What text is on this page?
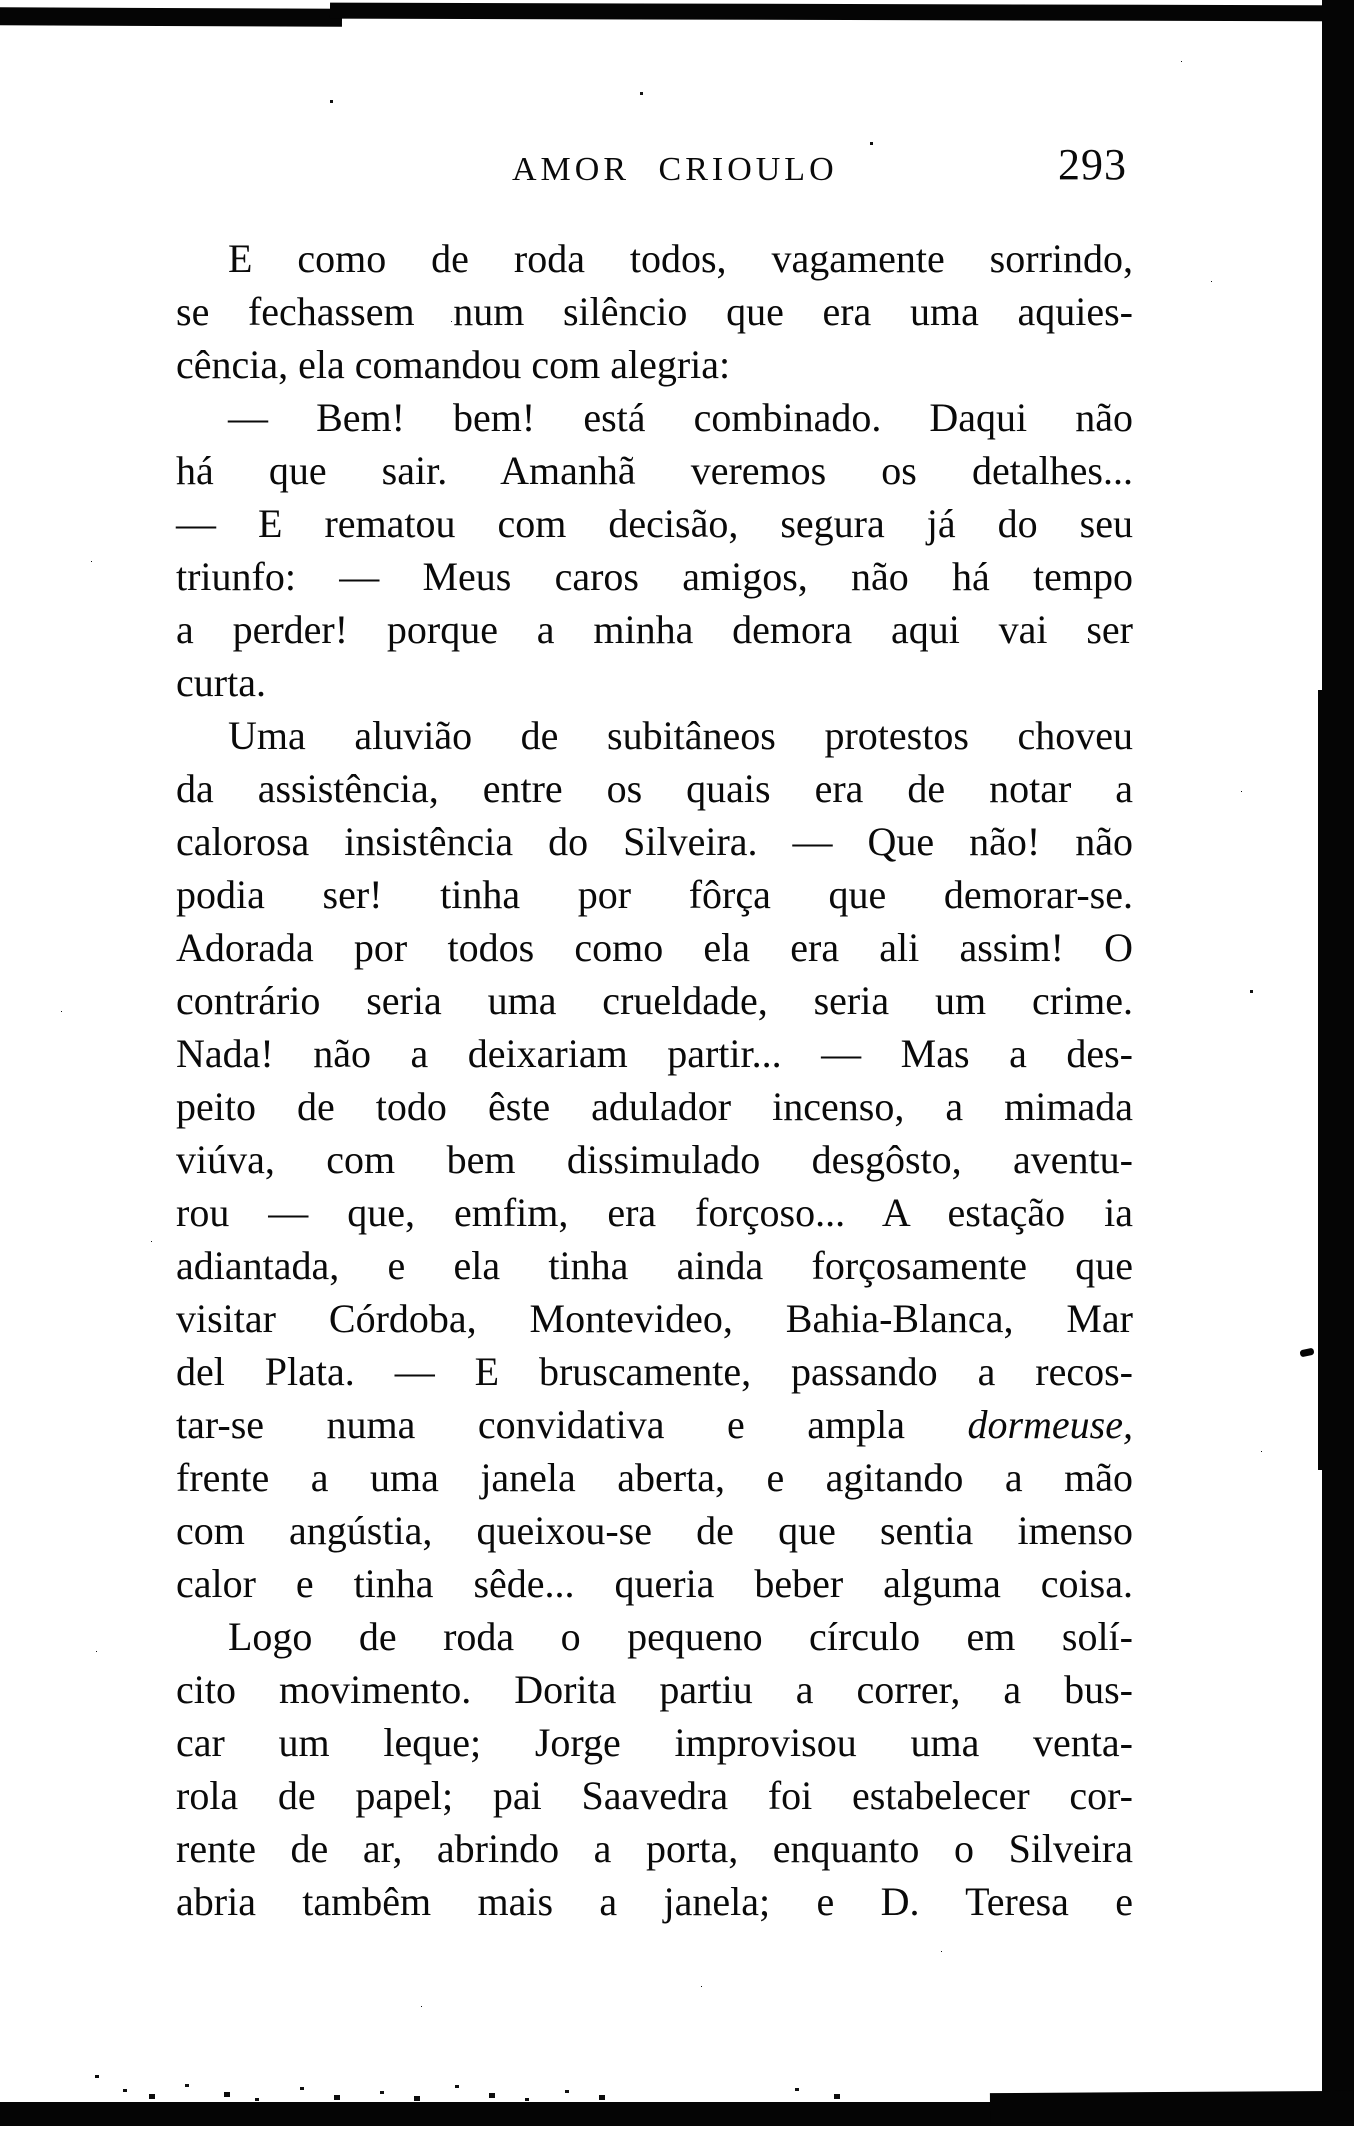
AMOR CRIOULO	293
E como de roda todos, vagamente sorrindo,
se fechassem num silêncio que era uma aquies-
cência, ela comandou com alegria:
— Bem! bem! está combinado. Daqui não
há que sair. Amanhã veremos os detalhes...
— E rematou com decisão, segura já do seu
triunfo: — Meus caros amigos, não há tempo
a perder! porque a minha demora aqui vai ser
curta.
Uma aluvião de subitâneos protestos choveu
da assistência, entre os quais era de notar a
calorosa insistência do Silveira. — Que não! não
podia ser! tinha por fôrça que demorar-se.
Adorada por todos como ela era ali assim! O
contrário seria uma crueldade, seria um crime.
Nada! não a deixariam partir... — Mas a des-
peito de todo êste adulador incenso, a mimada
viúva, com bem dissimulado desgôsto, aventu-
rou — que, emfim, era forçoso... A estação ia
adiantada, e ela tinha ainda forçosamente que
visitar Córdoba, Montevideo, Bahia-Blanca, Mar
del Plata. — E bruscamente, passando a recos-
tar-se numa convidativa e ampla dormeuse,
frente a uma janela aberta, e agitando a mão
com angústia, queixou-se de que sentia imenso
calor e tinha sêde... queria beber alguma coisa.
Logo de roda o pequeno círculo em solí-
cito movimento. Dorita partiu a correr, a bus-
car um leque; Jorge improvisou uma venta-
rola de papel; pai Saavedra foi estabelecer cor-
rente de ar, abrindo a porta, enquanto o Silveira
abria tambêm mais a janela; e D. Teresa e
